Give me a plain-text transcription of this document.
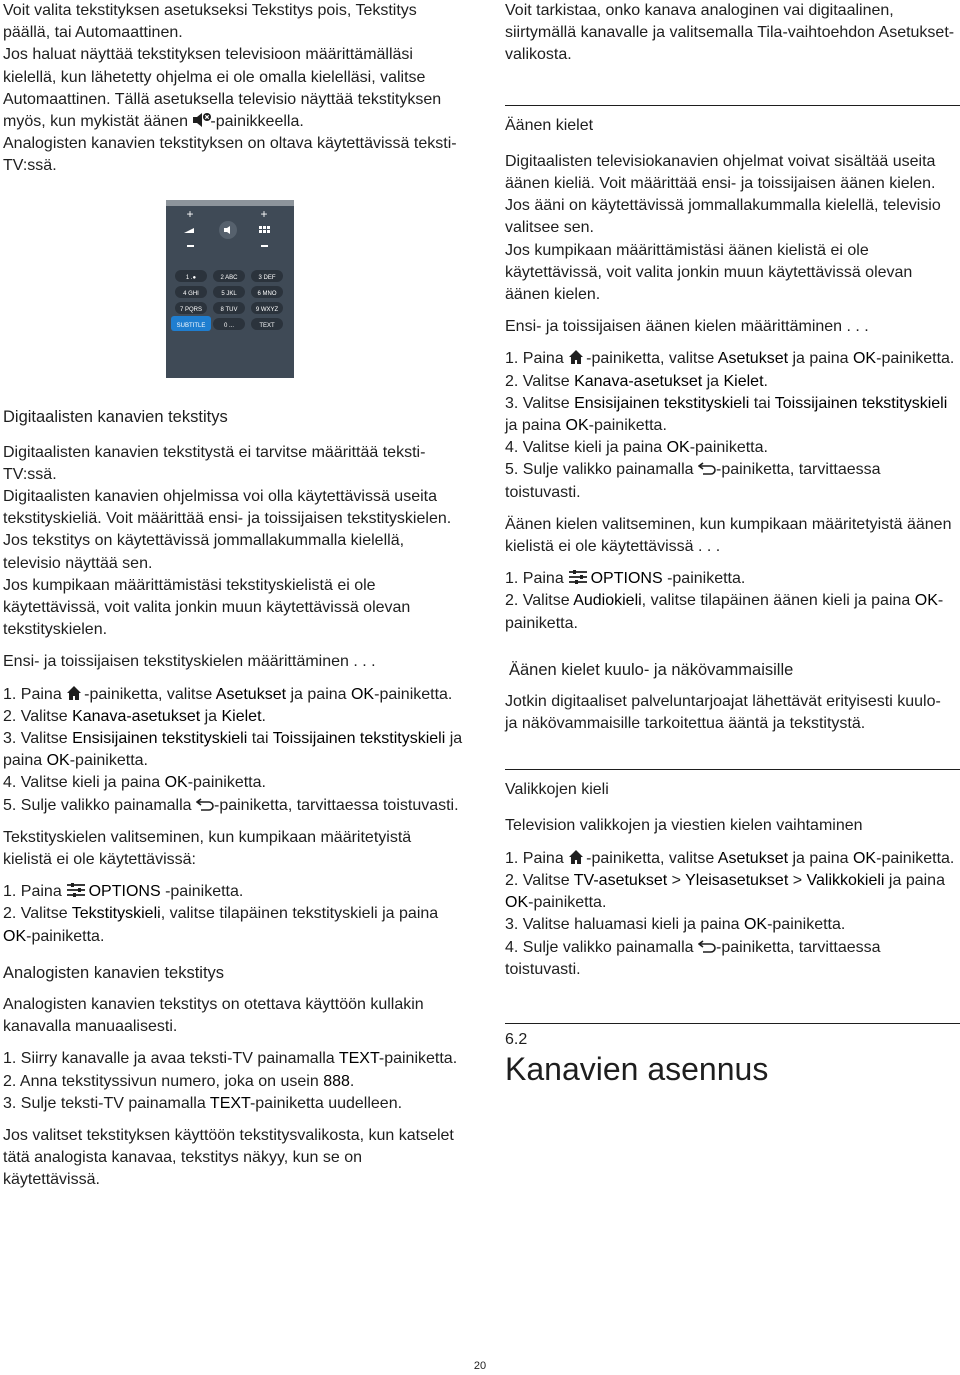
Voit valita tekstityksen asetukseksi Tekstitys pois, Tekstitys päällä, tai Automaattinen.

Jos haluat näyttää tekstityksen televisioon määrittämälläsi kielellä, kun lähetetty ohjelma ei ole omalla kielelläsi, valitse Automaattinen. Tällä asetuksella televisio näyttää tekstityksen myös, kun mykistät äänen -painikkeella.

Analogisten kanavien tekstityksen on oltava käytettävissä teksti-TV:ssä.

+	+
1 .●	2 ABC	3 DEF
4 GHI	5 JKL	6 MNO
7 PQRS	8 TUV	9 WXYZ
SUBTITLE	0 ...	TEXT

Digitaalisten kanavien tekstitys

Digitaalisten kanavien tekstitystä ei tarvitse määrittää teksti-TV:ssä.

Digitaalisten kanavien ohjelmissa voi olla käytettävissä useita tekstityskieliä. Voit määrittää ensi- ja toissijaisen tekstityskielen. Jos tekstitys on käytettävissä jommallakummalla kielellä, televisio näyttää sen.

Jos kumpikaan määrittämistäsi tekstityskielistä ei ole käytettävissä, voit valita jonkin muun käytettävissä olevan tekstityskielen.

Ensi- ja toissijaisen tekstityskielen määrittäminen . . .

1. Paina -painiketta, valitse Asetukset ja paina OK-painiketta.

2. Valitse Kanava-asetukset ja Kielet.

3. Valitse Ensisijainen tekstityskieli tai Toissijainen tekstityskieli ja paina OK-painiketta.

4. Valitse kieli ja paina OK-painiketta.

5. Sulje valikko painamalla -painiketta, tarvittaessa toistuvasti.

Tekstityskielen valitseminen, kun kumpikaan määritetyistä kielistä ei ole käytettävissä:

1. Paina  OPTIONS -painiketta.

2. Valitse Tekstityskieli, valitse tilapäinen tekstityskieli ja paina OK-painiketta.

Analogisten kanavien tekstitys

Analogisten kanavien tekstitys on otettava käyttöön kullakin kanavalla manuaalisesti.

1. Siirry kanavalle ja avaa teksti-TV painamalla TEXT-painiketta.

2. Anna tekstityssivun numero, joka on usein 888.

3. Sulje teksti-TV painamalla TEXT-painiketta uudelleen.

Jos valitset tekstityksen käyttöön tekstitysvalikosta, kun katselet tätä analogista kanavaa, tekstitys näkyy, kun se on käytettävissä.

Voit tarkistaa, onko kanava analoginen vai digitaalinen, siirtymällä kanavalle ja valitsemalla Tila-vaihtoehdon Asetukset-valikosta.

Äänen kielet

Digitaalisten televisiokanavien ohjelmat voivat sisältää useita äänen kieliä. Voit määrittää ensi- ja toissijaisen äänen kielen. Jos ääni on käytettävissä jommallakummalla kielellä, televisio valitsee sen.

Jos kumpikaan määrittämistäsi äänen kielistä ei ole käytettävissä, voit valita jonkin muun käytettävissä olevan äänen kielen.

Ensi- ja toissijaisen äänen kielen määrittäminen . . .

1. Paina -painiketta, valitse Asetukset ja paina OK-painiketta.

2. Valitse Kanava-asetukset ja Kielet.

3. Valitse Ensisijainen tekstityskieli tai Toissijainen tekstityskieli ja paina OK-painiketta.

4. Valitse kieli ja paina OK-painiketta.

5. Sulje valikko painamalla -painiketta, tarvittaessa toistuvasti.

Äänen kielen valitseminen, kun kumpikaan määritetyistä äänen kielistä ei ole käytettävissä . . .

1. Paina  OPTIONS -painiketta.

2. Valitse Audiokieli, valitse tilapäinen äänen kieli ja paina OK-painiketta.

Äänen kielet kuulo- ja näkövammaisille

Jotkin digitaaliset palveluntarjoajat lähettävät erityisesti kuulo- ja näkövammaisille tarkoitettua ääntä ja tekstitystä.

Valikkojen kieli

Television valikkojen ja viestien kielen vaihtaminen

1. Paina -painiketta, valitse Asetukset ja paina OK-painiketta.

2. Valitse TV-asetukset > Yleisasetukset > Valikkokieli ja paina OK-painiketta.

3. Valitse haluamasi kieli ja paina OK-painiketta.

4. Sulje valikko painamalla -painiketta, tarvittaessa toistuvasti.

6.2

Kanavien asennus

20
